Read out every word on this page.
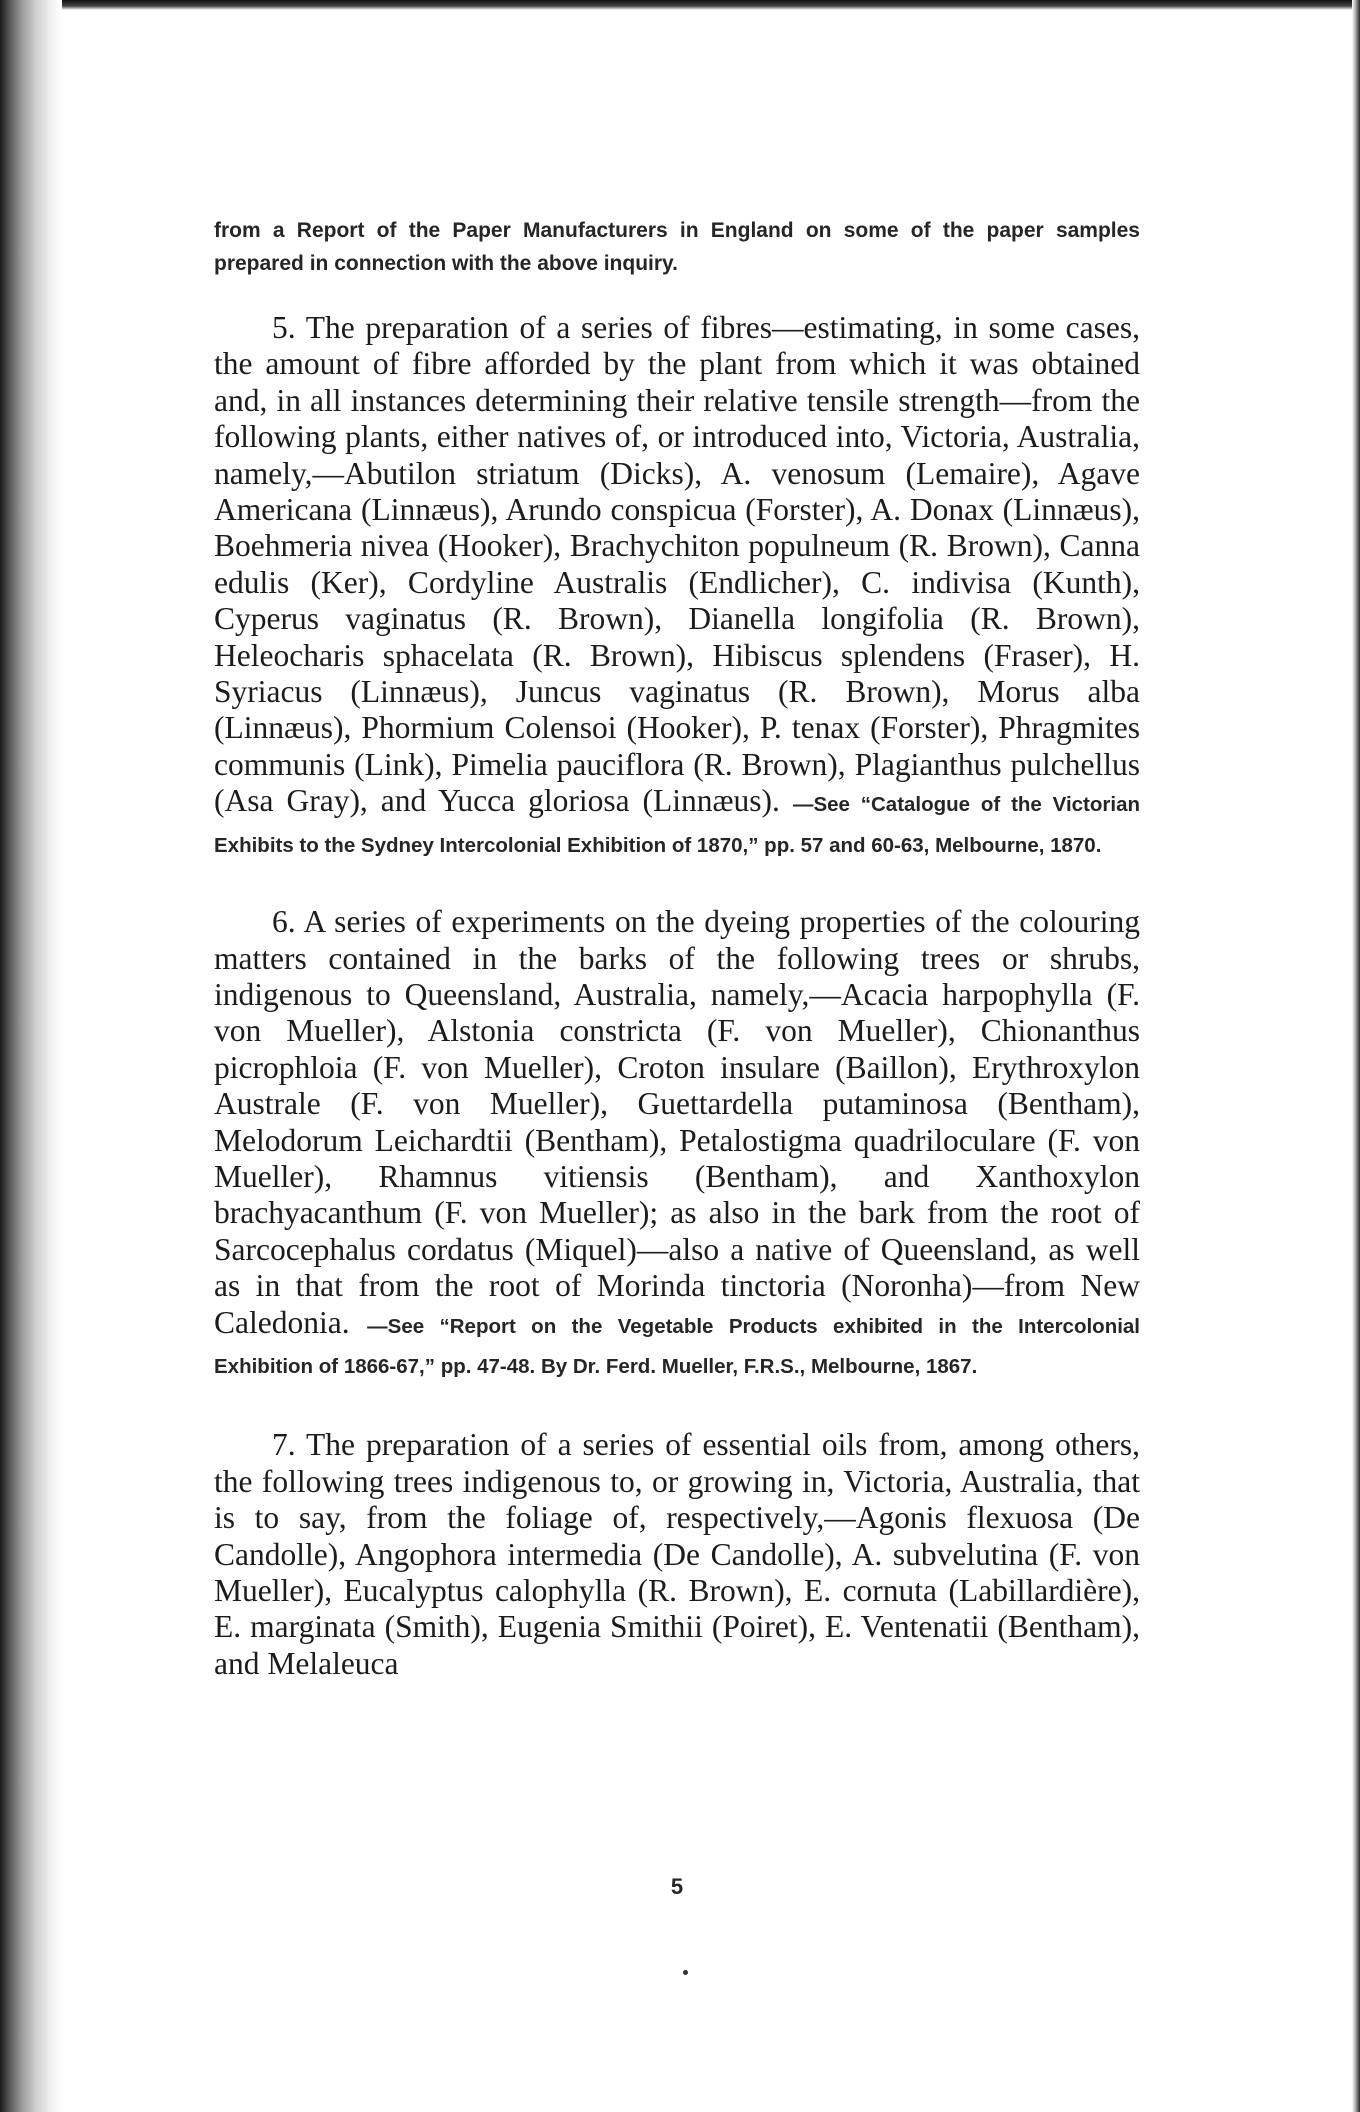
from a Report of the Paper Manufacturers in England on some of the paper samples prepared in connection with the above inquiry.

5. The preparation of a series of fibres—estimating, in some cases, the amount of fibre afforded by the plant from which it was obtained and, in all instances determining their relative tensile strength—from the following plants, either natives of, or introduced into, Victoria, Australia, namely,—Abutilon striatum (Dicks), A. venosum (Lemaire), Agave Americana (Linnæus), Arundo conspicua (Forster), A. Donax (Linnæus), Boehmeria nivea (Hooker), Brachychiton populneum (R. Brown), Canna edulis (Ker), Cordyline Australis (Endlicher), C. indivisa (Kunth), Cyperus vaginatus (R. Brown), Dianella longifolia (R. Brown), Heleocharis sphacelata (R. Brown), Hibiscus splendens (Fraser), H. Syriacus (Linnæus), Juncus vaginatus (R. Brown), Morus alba (Linnæus), Phormium Colensoi (Hooker), P. tenax (Forster), Phragmites communis (Link), Pimelia pauciflora (R. Brown), Plagianthus pulchellus (Asa Gray), and Yucca gloriosa (Linnæus). —See “Catalogue of the Victorian Exhibits to the Sydney Intercolonial Exhibition of 1870,” pp. 57 and 60-63, Melbourne, 1870.

6. A series of experiments on the dyeing properties of the colouring matters contained in the barks of the following trees or shrubs, indigenous to Queensland, Australia, namely,—Acacia harpophylla (F. von Mueller), Alstonia constricta (F. von Mueller), Chionanthus picrophloia (F. von Mueller), Croton insulare (Baillon), Erythroxylon Australe (F. von Mueller), Guettardella putaminosa (Bentham), Melodorum Leichardtii (Bentham), Petalostigma quadriloculare (F. von Mueller), Rhamnus vitiensis (Bentham), and Xanthoxylon brachyacanthum (F. von Mueller); as also in the bark from the root of Sarcocephalus cordatus (Miquel)—also a native of Queensland, as well as in that from the root of Morinda tinctoria (Noronha)—from New Caledonia. —See “Report on the Vegetable Products exhibited in the Intercolonial Exhibition of 1866-67,” pp. 47-48. By Dr. Ferd. Mueller, F.R.S., Melbourne, 1867.

7. The preparation of a series of essential oils from, among others, the following trees indigenous to, or growing in, Victoria, Australia, that is to say, from the foliage of, respectively,—Agonis flexuosa (De Candolle), Angophora intermedia (De Candolle), A. subvelutina (F. von Mueller), Eucalyptus calophylla (R. Brown), E. cornuta (Labillardière), E. marginata (Smith), Eugenia Smithii (Poiret), E. Ventenatii (Bentham), and Melaleuca

5
